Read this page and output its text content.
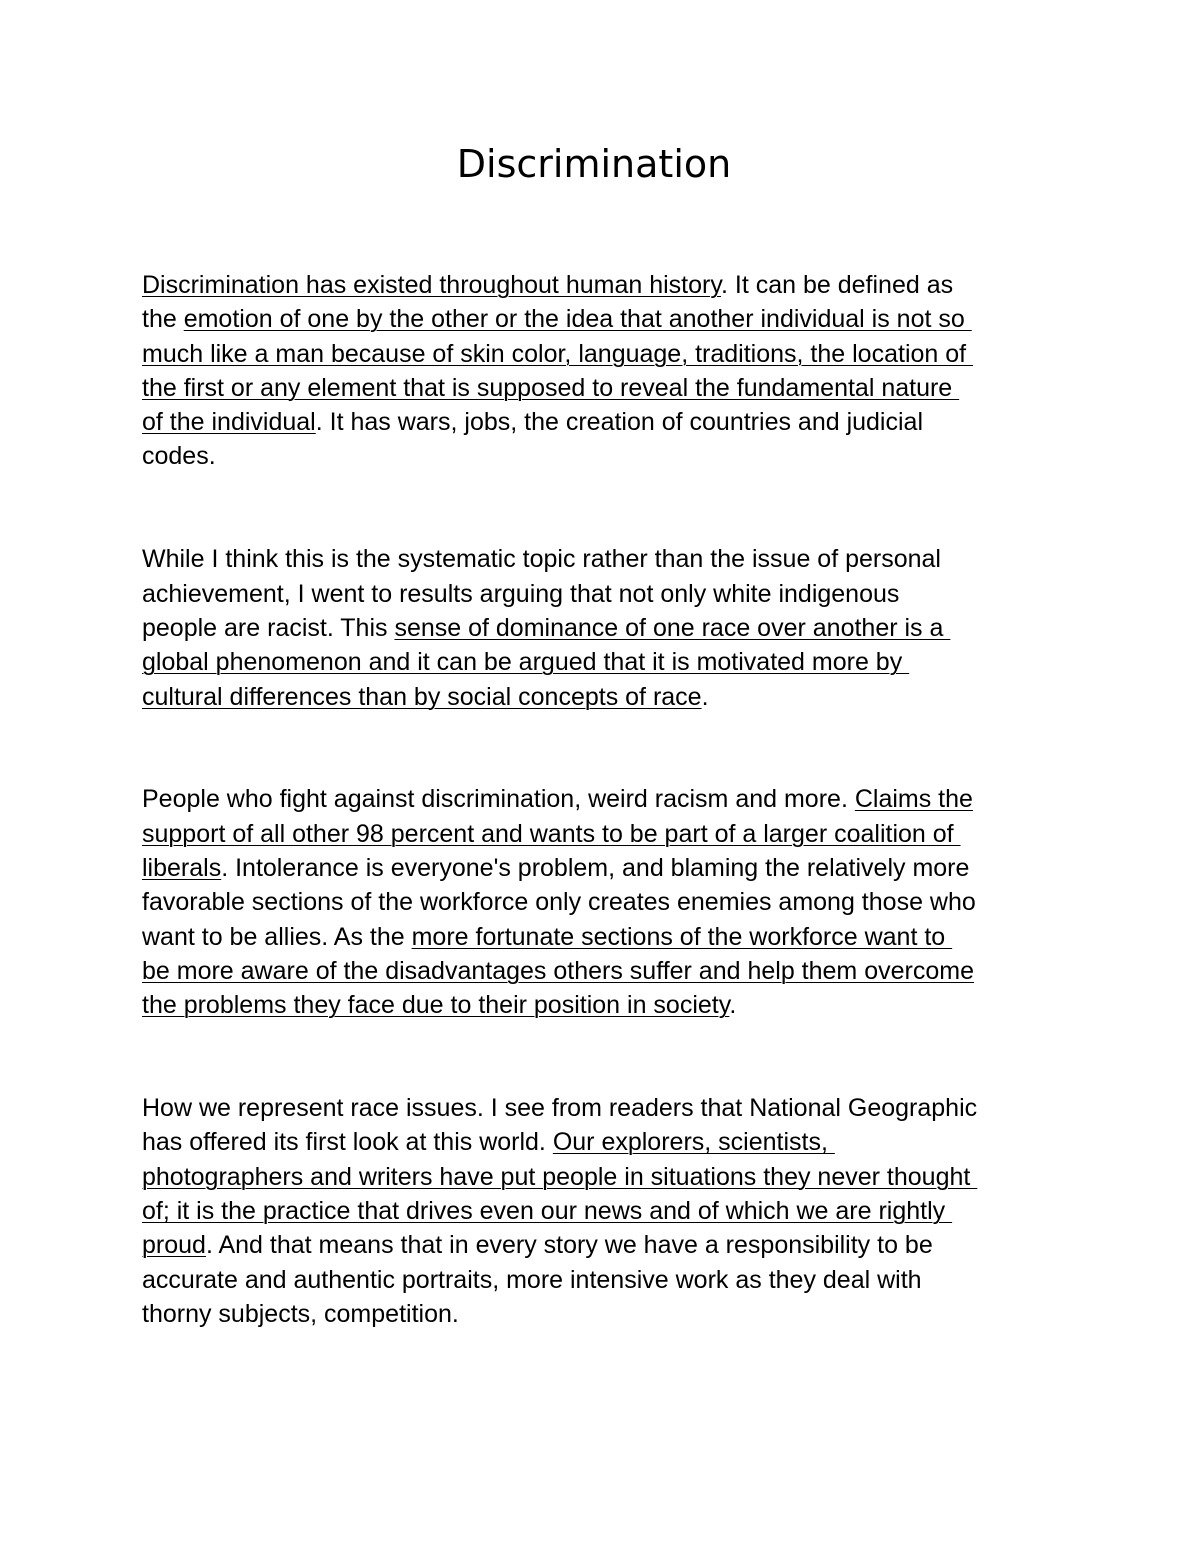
Discrimination

Discrimination has existed throughout human history. It can be defined as
the emotion of one by the other or the idea that another individual is not so
much like a man because of skin color, language, traditions, the location of
the first or any element that is supposed to reveal the fundamental nature
of the individual. It has wars, jobs, the creation of countries and judicial
codes.

While I think this is the systematic topic rather than the issue of personal
achievement, I went to results arguing that not only white indigenous
people are racist. This sense of dominance of one race over another is a
global phenomenon and it can be argued that it is motivated more by
cultural differences than by social concepts of race.

People who fight against discrimination, weird racism and more. Claims the
support of all other 98 percent and wants to be part of a larger coalition of
liberals. Intolerance is everyone's problem, and blaming the relatively more
favorable sections of the workforce only creates enemies among those who
want to be allies. As the more fortunate sections of the workforce want to
be more aware of the disadvantages others suffer and help them overcome
the problems they face due to their position in society.

How we represent race issues. I see from readers that National Geographic
has offered its first look at this world. Our explorers, scientists,
photographers and writers have put people in situations they never thought
of; it is the practice that drives even our news and of which we are rightly
proud. And that means that in every story we have a responsibility to be
accurate and authentic portraits, more intensive work as they deal with
thorny subjects, competition.
